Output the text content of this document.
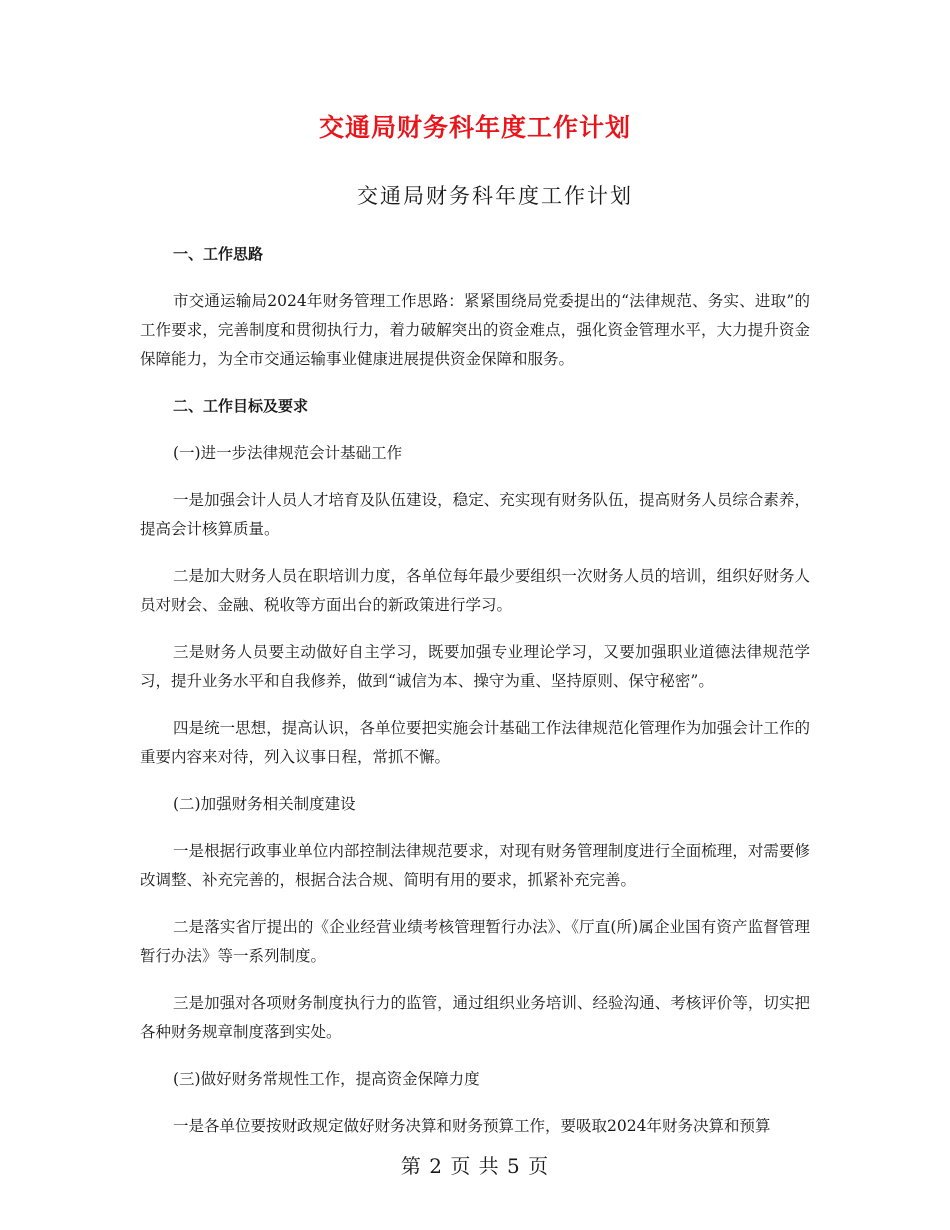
交通局财务科年度工作计划
交通局财务科年度工作计划

一、工作思路

市交通运输局2024年财务管理工作思路：紧紧围绕局党委提出的“法律规范、务实、进取”的工作要求，完善制度和贯彻执行力，着力破解突出的资金难点，强化资金管理水平，大力提升资金保障能力，为全市交通运输事业健康进展提供资金保障和服务。

二、工作目标及要求

(一)进一步法律规范会计基础工作

一是加强会计人员人才培育及队伍建设，稳定、充实现有财务队伍，提高财务人员综合素养，提高会计核算质量。

二是加大财务人员在职培训力度，各单位每年最少要组织一次财务人员的培训，组织好财务人员对财会、金融、税收等方面出台的新政策进行学习。

三是财务人员要主动做好自主学习，既要加强专业理论学习，又要加强职业道德法律规范学习，提升业务水平和自我修养，做到“诚信为本、操守为重、坚持原则、保守秘密”。

四是统一思想，提高认识，各单位要把实施会计基础工作法律规范化管理作为加强会计工作的重要内容来对待，列入议事日程，常抓不懈。

(二)加强财务相关制度建设

一是根据行政事业单位内部控制法律规范要求，对现有财务管理制度进行全面梳理，对需要修改调整、补充完善的，根据合法合规、简明有用的要求，抓紧补充完善。

二是落实省厅提出的《企业经营业绩考核管理暂行办法》、《厅直(所)属企业国有资产监督管理暂行办法》等一系列制度。

三是加强对各项财务制度执行力的监管，通过组织业务培训、经验沟通、考核评价等，切实把各种财务规章制度落到实处。

(三)做好财务常规性工作，提高资金保障力度

一是各单位要按财政规定做好财务决算和财务预算工作，要吸取2024年财务决算和预算

第 2 页 共 5 页
